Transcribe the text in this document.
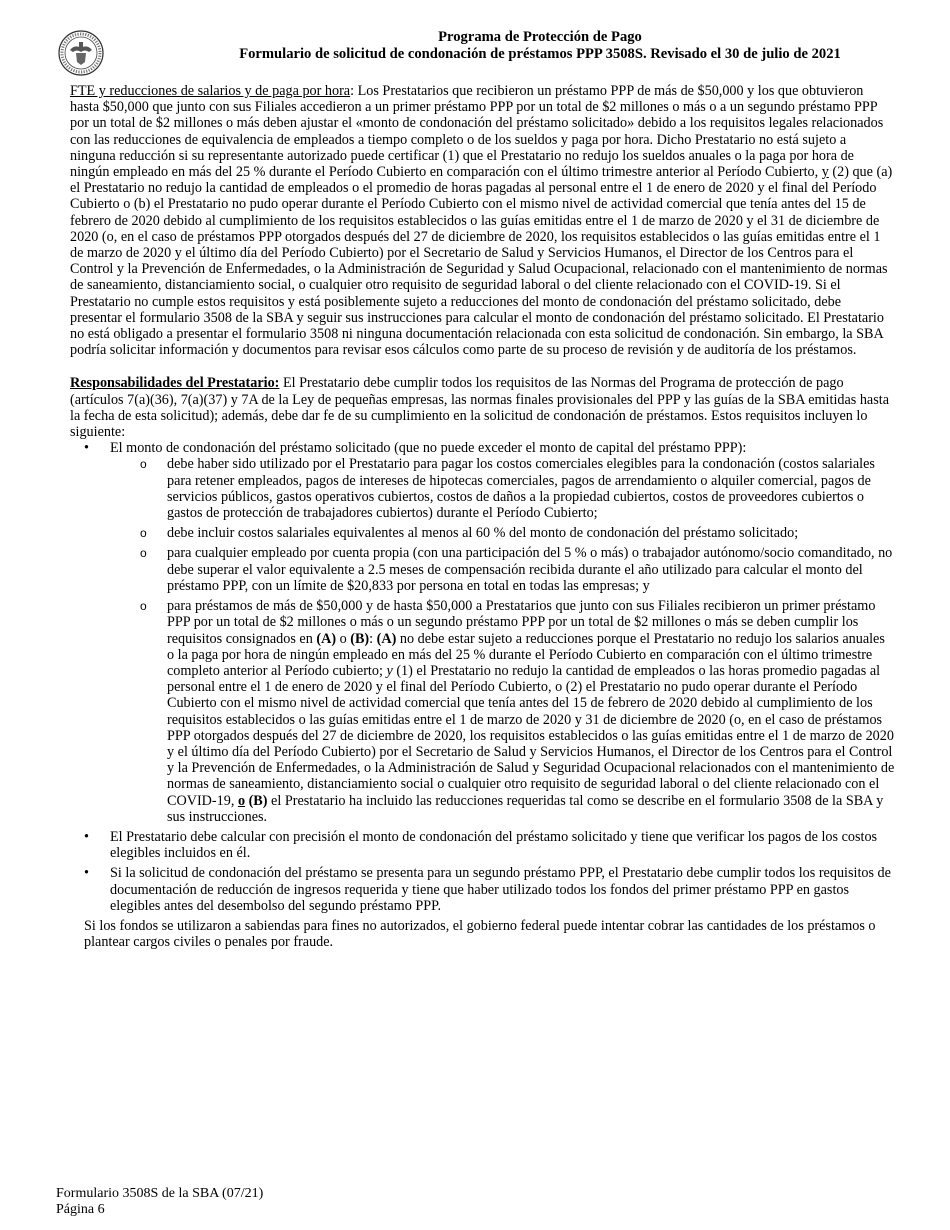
Programa de Protección de Pago
Formulario de solicitud de condonación de préstamos PPP 3508S. Revisado el 30 de julio de 2021

FTE y reducciones de salarios y de paga por hora: Los Prestatarios que recibieron un préstamo PPP de más de $50,000 y los que obtuvieron hasta $50,000 que junto con sus Filiales accedieron a un primer préstamo PPP por un total de $2 millones o más o a un segundo préstamo PPP por un total de $2 millones o más deben ajustar el «monto de condonación del préstamo solicitado» debido a los requisitos legales relacionados con las reducciones de equivalencia de empleados a tiempo completo o de los sueldos y paga por hora. Dicho Prestatario no está sujeto a ninguna reducción si su representante autorizado puede certificar (1) que el Prestatario no redujo los sueldos anuales o la paga por hora de ningún empleado en más del 25 % durante el Período Cubierto en comparación con el último trimestre anterior al Período Cubierto, y (2) que (a) el Prestatario no redujo la cantidad de empleados o el promedio de horas pagadas al personal entre el 1 de enero de 2020 y el final del Período Cubierto o (b) el Prestatario no pudo operar durante el Período Cubierto con el mismo nivel de actividad comercial que tenía antes del 15 de febrero de 2020 debido al cumplimiento de los requisitos establecidos o las guías emitidas entre el 1 de marzo de 2020 y el 31 de diciembre de 2020 (o, en el caso de préstamos PPP otorgados después del 27 de diciembre de 2020, los requisitos establecidos o las guías emitidas entre el 1 de marzo de 2020 y el último día del Período Cubierto) por el Secretario de Salud y Servicios Humanos, el Director de los Centros para el Control y la Prevención de Enfermedades, o la Administración de Seguridad y Salud Ocupacional, relacionado con el mantenimiento de normas de saneamiento, distanciamiento social, o cualquier otro requisito de seguridad laboral o del cliente relacionado con el COVID-19. Si el Prestatario no cumple estos requisitos y está posiblemente sujeto a reducciones del monto de condonación del préstamo solicitado, debe presentar el formulario 3508 de la SBA y seguir sus instrucciones para calcular el monto de condonación del préstamo solicitado. El Prestatario no está obligado a presentar el formulario 3508 ni ninguna documentación relacionada con esta solicitud de condonación. Sin embargo, la SBA podría solicitar información y documentos para revisar esos cálculos como parte de su proceso de revisión y de auditoría de los préstamos.

Responsabilidades del Prestatario: El Prestatario debe cumplir todos los requisitos de las Normas del Programa de protección de pago (artículos 7(a)(36), 7(a)(37) y 7A de la Ley de pequeñas empresas, las normas finales provisionales del PPP y las guías de la SBA emitidas hasta la fecha de esta solicitud); además, debe dar fe de su cumplimiento en la solicitud de condonación de préstamos. Estos requisitos incluyen lo siguiente:

• El monto de condonación del préstamo solicitado (que no puede exceder el monto de capital del préstamo PPP):
o debe haber sido utilizado por el Prestatario para pagar los costos comerciales elegibles para la condonación (costos salariales para retener empleados, pagos de intereses de hipotecas comerciales, pagos de arrendamiento o alquiler comercial, pagos de servicios públicos, gastos operativos cubiertos, costos de daños a la propiedad cubiertos, costos de proveedores cubiertos o gastos de protección de trabajadores cubiertos) durante el Período Cubierto;
o debe incluir costos salariales equivalentes al menos al 60 % del monto de condonación del préstamo solicitado;
o para cualquier empleado por cuenta propia (con una participación del 5 % o más) o trabajador autónomo/socio comanditado, no debe superar el valor equivalente a 2.5 meses de compensación recibida durante el año utilizado para calcular el monto del préstamo PPP, con un límite de $20,833 por persona en total en todas las empresas; y
o para préstamos de más de $50,000 y de hasta $50,000 a Prestatarios que junto con sus Filiales recibieron un primer préstamo PPP por un total de $2 millones o más o un segundo préstamo PPP por un total de $2 millones o más se deben cumplir los requisitos consignados en (A) o (B): (A) no debe estar sujeto a reducciones porque el Prestatario no redujo los salarios anuales o la paga por hora de ningún empleado en más del 25 % durante el Período Cubierto en comparación con el último trimestre completo anterior al Período cubierto; y (1) el Prestatario no redujo la cantidad de empleados o las horas promedio pagadas al personal entre el 1 de enero de 2020 y el final del Período Cubierto, o (2) el Prestatario no pudo operar durante el Período Cubierto con el mismo nivel de actividad comercial que tenía antes del 15 de febrero de 2020 debido al cumplimiento de los requisitos establecidos o las guías emitidas entre el 1 de marzo de 2020 y 31 de diciembre de 2020 (o, en el caso de préstamos PPP otorgados después del 27 de diciembre de 2020, los requisitos establecidos o las guías emitidas entre el 1 de marzo de 2020 y el último día del Período Cubierto) por el Secretario de Salud y Servicios Humanos, el Director de los Centros para el Control y la Prevención de Enfermedades, o la Administración de Salud y Seguridad Ocupacional relacionados con el mantenimiento de normas de saneamiento, distanciamiento social o cualquier otro requisito de seguridad laboral o del cliente relacionado con el COVID-19, o (B) el Prestatario ha incluido las reducciones requeridas tal como se describe en el formulario 3508 de la SBA y sus instrucciones.
• El Prestatario debe calcular con precisión el monto de condonación del préstamo solicitado y tiene que verificar los pagos de los costos elegibles incluidos en él.
• Si la solicitud de condonación del préstamo se presenta para un segundo préstamo PPP, el Prestatario debe cumplir todos los requisitos de documentación de reducción de ingresos requerida y tiene que haber utilizado todos los fondos del primer préstamo PPP en gastos elegibles antes del desembolso del segundo préstamo PPP.

Si los fondos se utilizaron a sabiendas para fines no autorizados, el gobierno federal puede intentar cobrar las cantidades de los préstamos o plantear cargos civiles o penales por fraude.

Formulario 3508S de la SBA (07/21)
Página 6
